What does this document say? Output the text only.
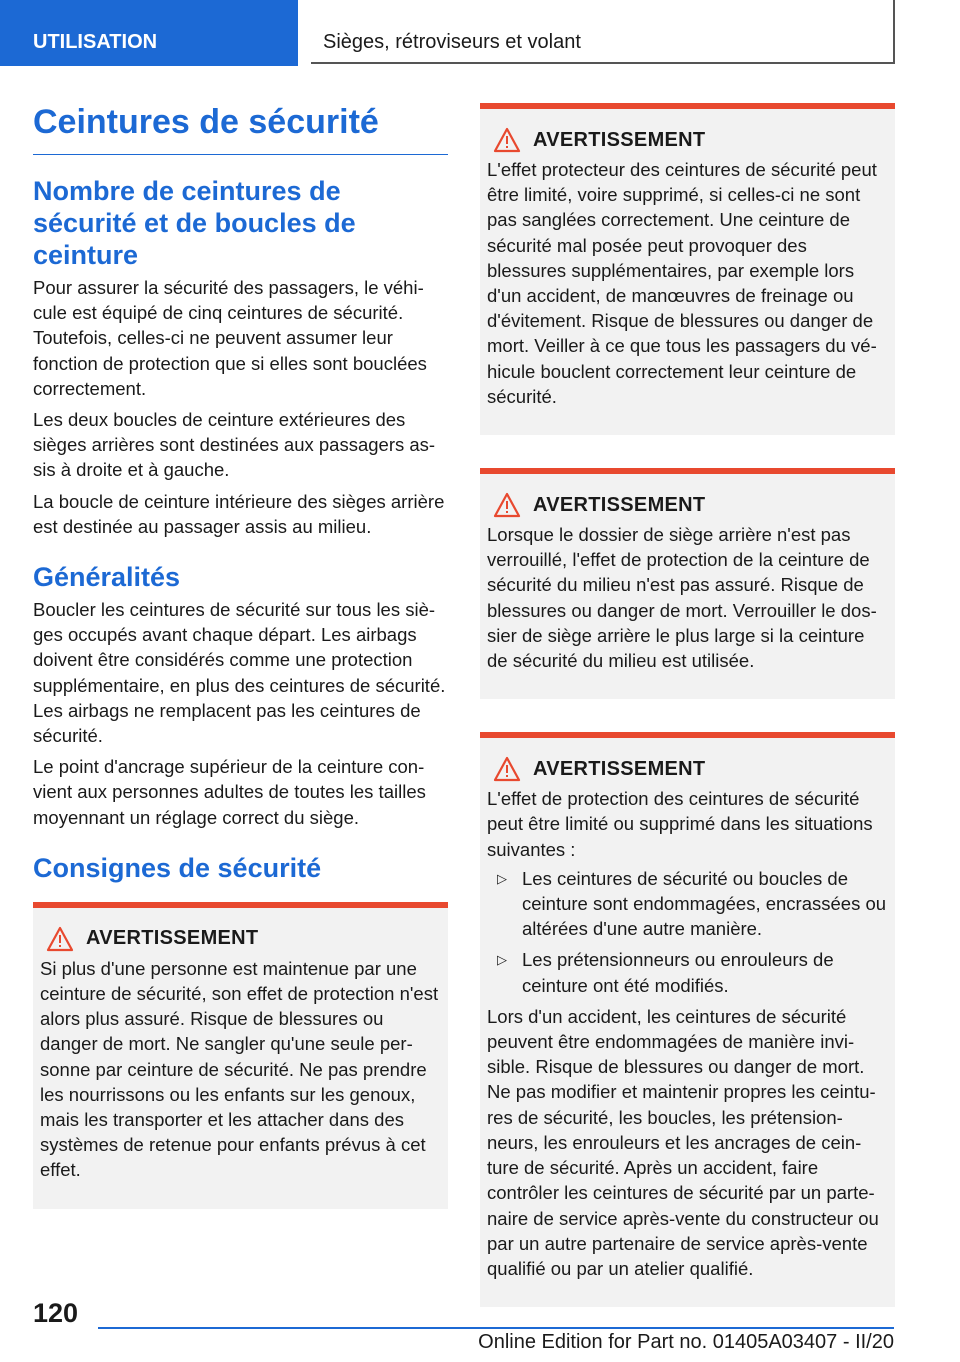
UTILISATION	Sièges, rétroviseurs et volant
Ceintures de sécurité
Nombre de ceintures de sécurité et de boucles de ceinture

Pour assurer la sécurité des passagers, le véhicule est équipé de cinq ceintures de sécurité. Toutefois, celles-ci ne peuvent assumer leur fonction de protection que si elles sont bouclées correctement.

Les deux boucles de ceinture extérieures des sièges arrières sont destinées aux passagers assis à droite et à gauche.

La boucle de ceinture intérieure des sièges arrière est destinée au passager assis au milieu.

Généralités

Boucler les ceintures de sécurité sur tous les sièges occupés avant chaque départ. Les airbags doivent être considérés comme une protection supplémentaire, en plus des ceintures de sécurité. Les airbags ne remplacent pas les ceintures de sécurité.

Le point d'ancrage supérieur de la ceinture convient aux personnes adultes de toutes les tailles moyennant un réglage correct du siège.

Consignes de sécurité
AVERTISSEMENT

Si plus d'une personne est maintenue par une ceinture de sécurité, son effet de protection n'est alors plus assuré. Risque de blessures ou danger de mort. Ne sangler qu'une seule personne par ceinture de sécurité. Ne pas prendre les nourrissons ou les enfants sur les genoux, mais les transporter et les attacher dans des systèmes de retenue pour enfants prévus à cet effet.

AVERTISSEMENT

L'effet protecteur des ceintures de sécurité peut être limité, voire supprimé, si celles-ci ne sont pas sanglées correctement. Une ceinture de sécurité mal posée peut provoquer des blessures supplémentaires, par exemple lors d'un accident, de manœuvres de freinage ou d'évitement. Risque de blessures ou danger de mort. Veiller à ce que tous les passagers du véhicule bouclent correctement leur ceinture de sécurité.

AVERTISSEMENT

Lorsque le dossier de siège arrière n'est pas verrouillé, l'effet de protection de la ceinture de sécurité du milieu n'est pas assuré. Risque de blessures ou danger de mort. Verrouiller le dossier de siège arrière le plus large si la ceinture de sécurité du milieu est utilisée.

AVERTISSEMENT

L'effet de protection des ceintures de sécurité peut être limité ou supprimé dans les situations suivantes :

▷ Les ceintures de sécurité ou boucles de ceinture sont endommagées, encrassées ou altérées d'une autre manière.
▷ Les prétensionneurs ou enrouleurs de ceinture ont été modifiés.

Lors d'un accident, les ceintures de sécurité peuvent être endommagées de manière invisible. Risque de blessures ou danger de mort. Ne pas modifier et maintenir propres les ceintures de sécurité, les boucles, les prétensionneurs, les enrouleurs et les ancrages de ceinture de sécurité. Après un accident, faire contrôler les ceintures de sécurité par un partenaire de service après-vente du constructeur ou par un autre partenaire de service après-vente qualifié ou par un atelier qualifié.

120
Online Edition for Part no. 01405A03407 - II/20
